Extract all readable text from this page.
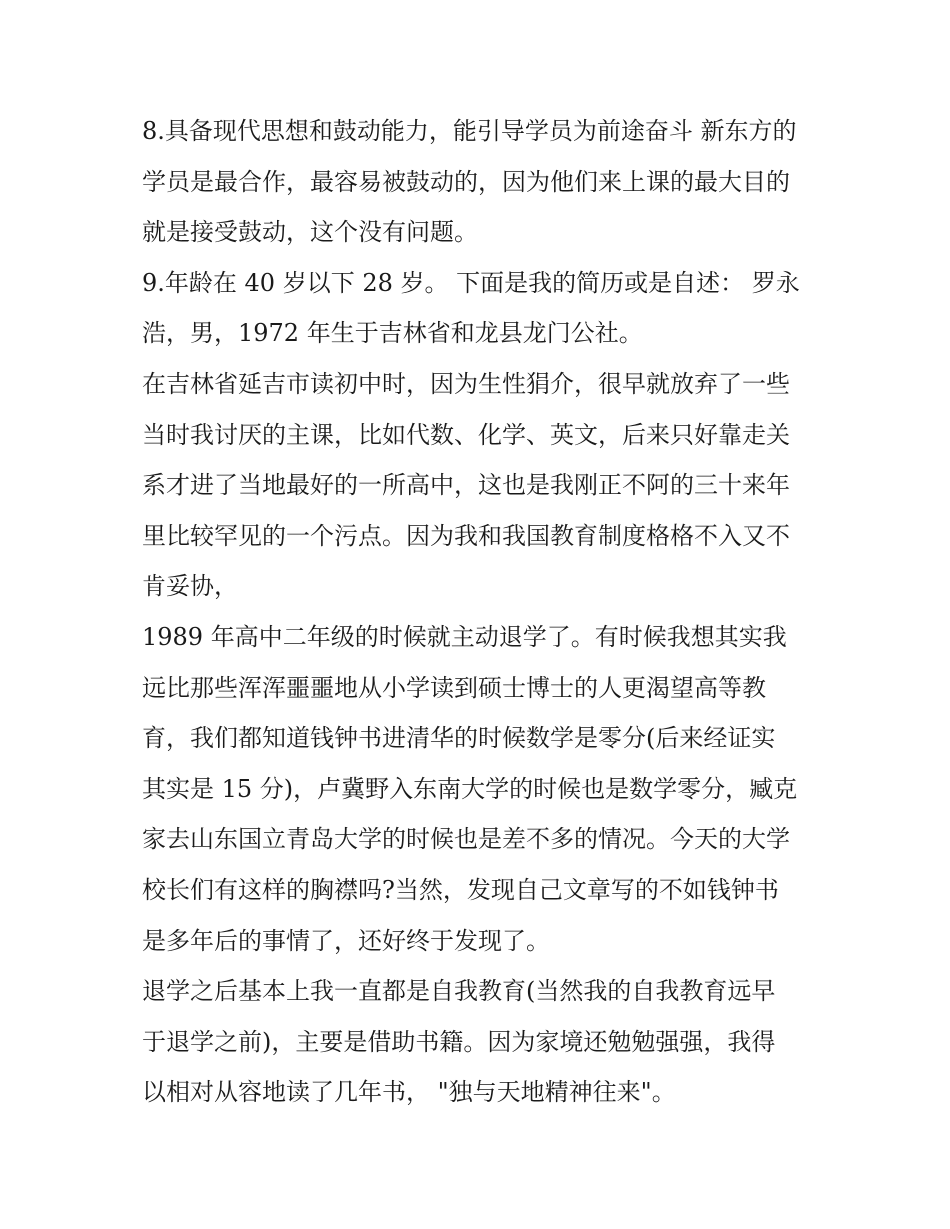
8.具备现代思想和鼓动能力，能引导学员为前途奋斗 新东方的

学员是最合作，最容易被鼓动的，因为他们来上课的最大目的

就是接受鼓动，这个没有问题。

9.年龄在 40 岁以下 28 岁。 下面是我的简历或是自述： 罗永

浩，男，1972 年生于吉林省和龙县龙门公社。

在吉林省延吉市读初中时，因为生性狷介，很早就放弃了一些

当时我讨厌的主课，比如代数、化学、英文，后来只好靠走关

系才进了当地最好的一所高中，这也是我刚正不阿的三十来年

里比较罕见的一个污点。因为我和我国教育制度格格不入又不

肯妥协，

1989 年高中二年级的时候就主动退学了。有时候我想其实我

远比那些浑浑噩噩地从小学读到硕士博士的人更渴望高等教

育，我们都知道钱钟书进清华的时候数学是零分(后来经证实

其实是 15 分)，卢冀野入东南大学的时候也是数学零分，臧克

家去山东国立青岛大学的时候也是差不多的情况。今天的大学

校长们有这样的胸襟吗?当然，发现自己文章写的不如钱钟书

是多年后的事情了，还好终于发现了。

退学之后基本上我一直都是自我教育(当然我的自我教育远早

于退学之前)，主要是借助书籍。因为家境还勉勉强强，我得

以相对从容地读了几年书， "独与天地精神往来"。
